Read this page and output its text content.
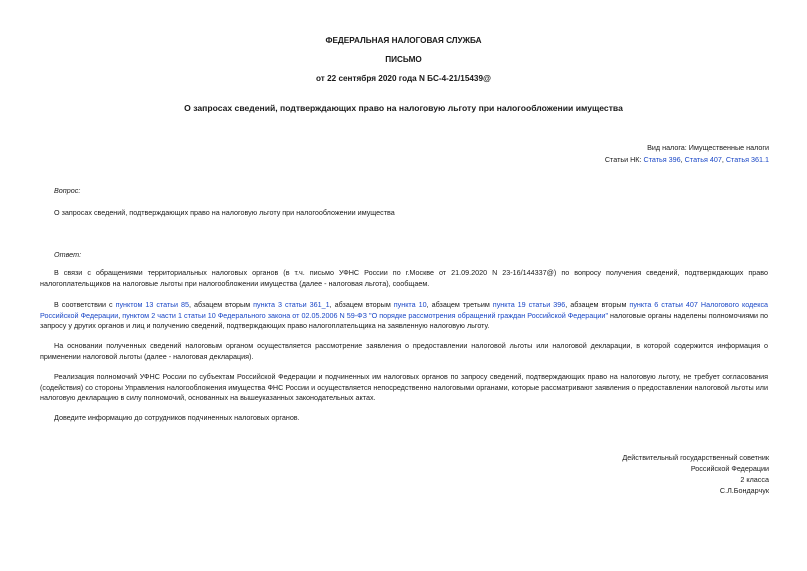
ФЕДЕРАЛЬНАЯ НАЛОГОВАЯ СЛУЖБА
ПИСЬМО
от 22 сентября 2020 года N БС-4-21/15439@
О запросах сведений, подтверждающих право на налоговую льготу при налогообложении имущества
Вид налога: Имущественные налоги
Статьи НК: Статья 396, Статья 407, Статья 361.1
Вопрос:
О запросах сведений, подтверждающих право на налоговую льготу при налогообложении имущества
Ответ:
В связи с обращениями территориальных налоговых органов (в т.ч. письмо УФНС России по г.Москве от 21.09.2020 N 23-16/144337@) по вопросу получения сведений, подтверждающих право налогоплательщиков на налоговые льготы при налогообложении имущества (далее - налоговая льгота), сообщаем.
В соответствии с пунктом 13 статьи 85, абзацем вторым пункта 3 статьи 361_1, абзацем вторым пункта 10, абзацем третьим пункта 19 статьи 396, абзацем вторым пункта 6 статьи 407 Налогового кодекса Российской Федерации, пунктом 2 части 1 статьи 10 Федерального закона от 02.05.2006 N 59-ФЗ "О порядке рассмотрения обращений граждан Российской Федерации" налоговые органы наделены полномочиями по запросу у других органов и лиц и получению сведений, подтверждающих право налогоплательщика на заявленную налоговую льготу.
На основании полученных сведений налоговым органом осуществляется рассмотрение заявления о предоставлении налоговой льготы или налоговой декларации, в которой содержится информация о применении налоговой льготы (далее - налоговая декларация).
Реализация полномочий УФНС России по субъектам Российской Федерации и подчиненных им налоговых органов по запросу сведений, подтверждающих право на налоговую льготу, не требует согласования (содействия) со стороны Управления налогообложения имущества ФНС России и осуществляется непосредственно налоговыми органами, которые рассматривают заявления о предоставлении налоговой льготы или налоговую декларацию в силу полномочий, основанных на вышеуказанных законодательных актах.
Доведите информацию до сотрудников подчиненных налоговых органов.
Действительный государственный советник
Российской Федерации
2 класса
С.Л.Бондарчук
